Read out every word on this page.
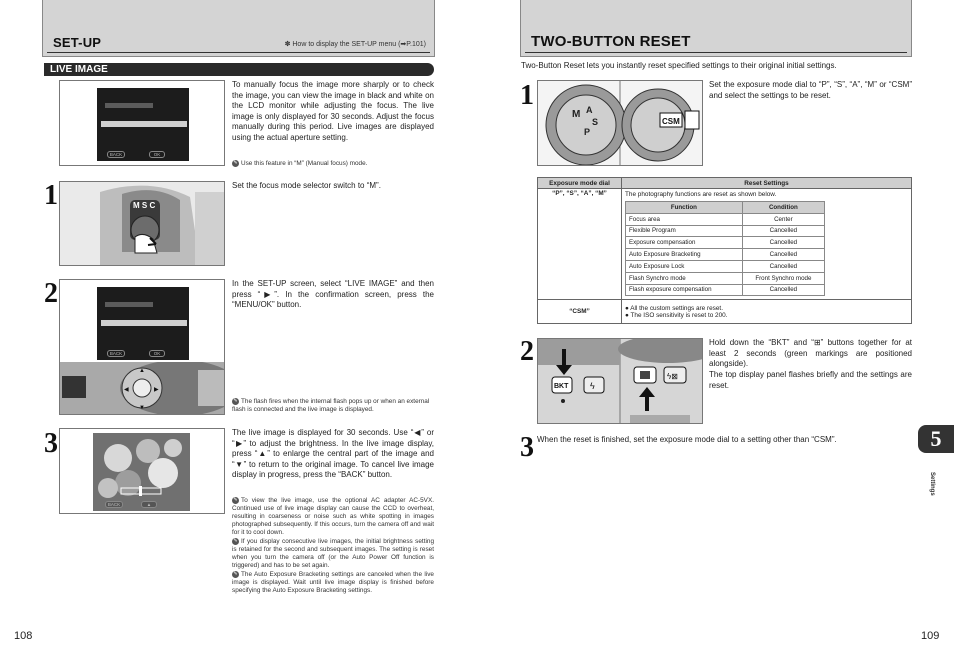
SET-UP	✽ How to display the SET-UP menu (➡P.101)
LIVE IMAGE
BACK	OK
To manually focus the image more sharply or to check the image, you can view the image in black and white on the LCD monitor while adjusting the focus. The live image is only displayed for 30 seconds. Adjust the focus manually during this period. Live images are displayed using the actual aperture setting.
✎ Use this feature in “M” (Manual focus) mode.
1	M S C
Set the focus mode selector switch to “M”.
2
BACK	OK
▲
▼
◀	▶
In the SET-UP screen, select “LIVE IMAGE” and then press “▶”. In the confirmation screen, press the “MENU/OK” button.
✎ The flash fires when the internal flash pops up or when an external flash is connected and the live image is displayed.
3
BACK	▲
The live image is displayed for 30 seconds. Use “◀” or “▶” to adjust the brightness. In the live image display, press “▲” to enlarge the central part of the image and “▼” to return to the original image. To cancel live image display in progress, press the “BACK” button.
✎ To view the live image, use the optional AC adapter AC-5VX. Continued use of live image display can cause the CCD to overheat, resulting in coarseness or noise such as white spotting in images photographed subsequently. If this occurs, turn the camera off and wait for it to cool down.
✎ If you display consecutive live images, the initial brightness setting is retained for the second and subsequent images. The setting is reset when you turn the camera off (or the Auto Power Off function is triggered) and has to be set again.
✎ The Auto Exposure Bracketing settings are canceled when the live image is displayed. Wait until live image display is finished before specifying the Auto Exposure Bracketing settings.
108
TWO-BUTTON RESET
Two-Button Reset lets you instantly reset specified settings to their original initial settings.
1
M A
S
P
CSM
Set the exposure mode dial to “P”, “S”, “A”, “M” or “CSM” and select the settings to be reset.
Exposure mode dial	Reset Settings
“P”, “S”, “A”, “M”	The photography functions are reset as shown below.
Function	Condition
Focus area	Center
Flexible Program	Cancelled
Exposure compensation	Cancelled
Auto Exposure Bracketing	Cancelled
Auto Exposure Lock	Cancelled
Flash Synchro mode	Front Synchro mode
Flash exposure compensation	Cancelled

“CSM”	● All the custom settings are reset.
● The ISO sensitivity is reset to 200.
2
BKT ϟ
ϟ⊠
Hold down the “BKT” and “⊞” buttons together for at least 2 seconds (green markings are positioned alongside).
The top display panel flashes briefly and the settings are reset.
3 When the reset is finished, set the exposure mode dial to a setting other than “CSM”.	5
Settings
109
